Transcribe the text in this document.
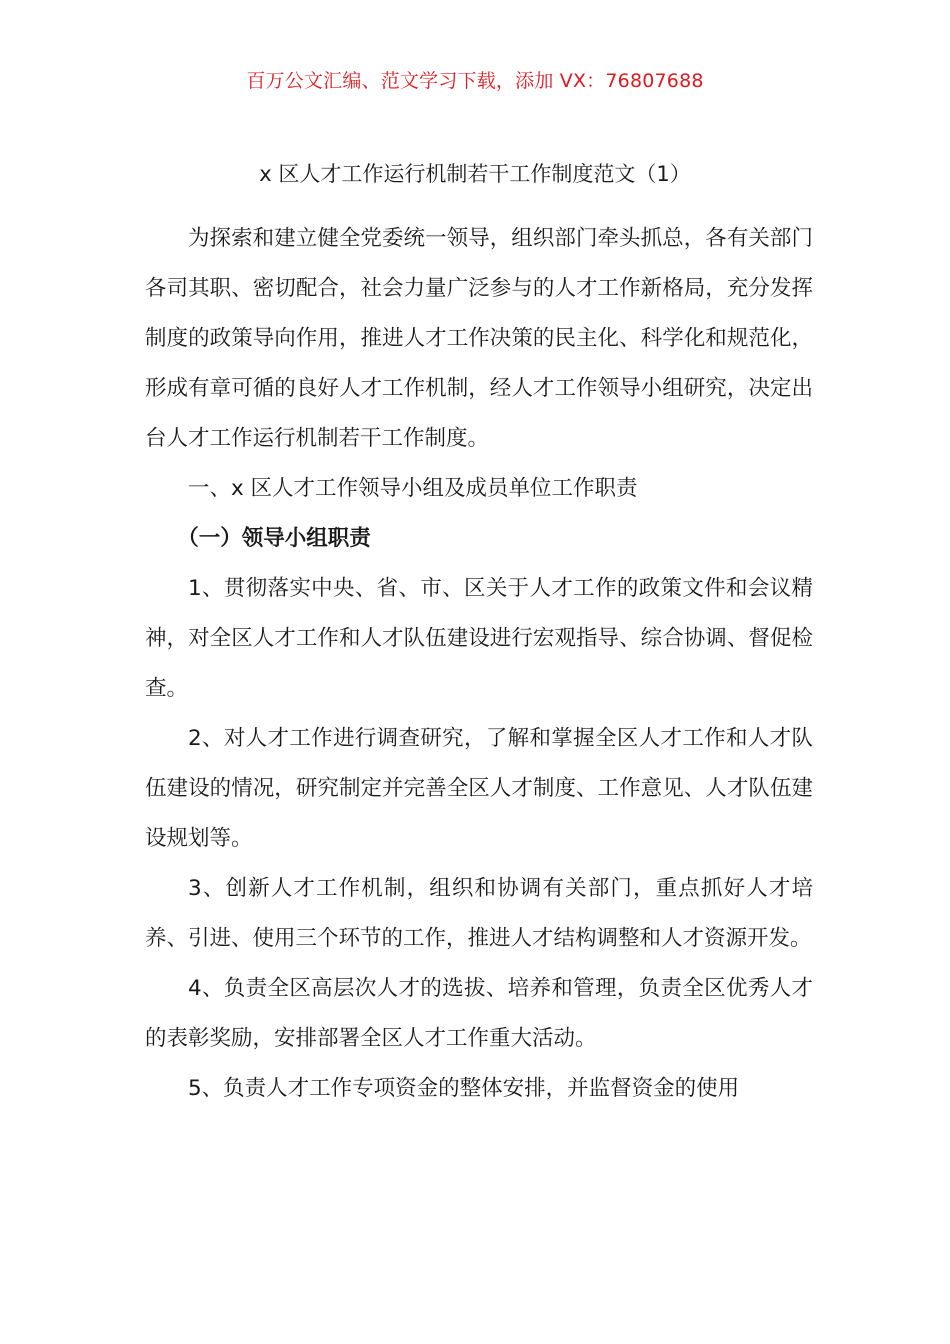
百万公文汇编、范文学习下载，添加 VX：76807688
x 区人才工作运行机制若干工作制度范文（1）

为探索和建立健全党委统一领导，组织部门牵头抓总，各有关部门各司其职、密切配合，社会力量广泛参与的人才工作新格局，充分发挥制度的政策导向作用，推进人才工作决策的民主化、科学化和规范化，形成有章可循的良好人才工作机制，经人才工作领导小组研究，决定出台人才工作运行机制若干工作制度。

一、x 区人才工作领导小组及成员单位工作职责

（一）领导小组职责

1、贯彻落实中央、省、市、区关于人才工作的政策文件和会议精神，对全区人才工作和人才队伍建设进行宏观指导、综合协调、督促检查。

2、对人才工作进行调查研究，了解和掌握全区人才工作和人才队伍建设的情况，研究制定并完善全区人才制度、工作意见、人才队伍建设规划等。

3、创新人才工作机制，组织和协调有关部门，重点抓好人才培养、引进、使用三个环节的工作，推进人才结构调整和人才资源开发。

4、负责全区高层次人才的选拔、培养和管理，负责全区优秀人才的表彰奖励，安排部署全区人才工作重大活动。

5、负责人才工作专项资金的整体安排，并监督资金的使用
